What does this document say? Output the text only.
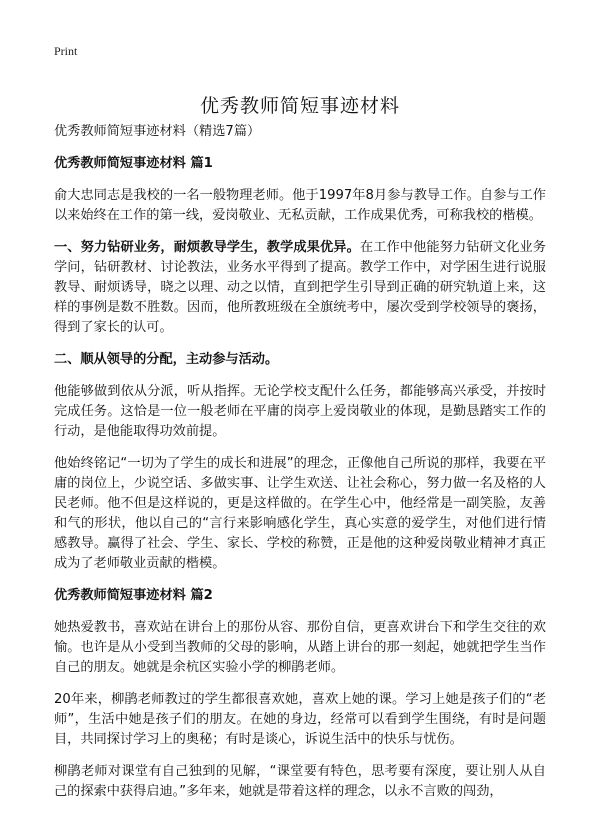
Print
优秀教师简短事迹材料

优秀教师简短事迹材料（精选7篇）

优秀教师简短事迹材料 篇1

俞大忠同志是我校的一名一般物理老师。他于1997年8月参与教导工作。自参与工作以来始终在工作的第一线，爱岗敬业、无私贡献，工作成果优秀，可称我校的楷模。

一、努力钻研业务，耐烦教导学生，教学成果优异。在工作中他能努力钻研文化业务学问，钻研教材、讨论教法，业务水平得到了提高。教学工作中，对学困生进行说服教导、耐烦诱导，晓之以理、动之以情，直到把学生引导到正确的研究轨道上来，这样的事例是数不胜数。因而，他所教班级在全旗统考中，屡次受到学校领导的褒扬，得到了家长的认可。

二、顺从领导的分配，主动参与活动。

他能够做到依从分派，听从指挥。无论学校支配什么任务，都能够高兴承受，并按时完成任务。这恰是一位一般老师在平庸的岗亭上爱岗敬业的体现，是勤恳踏实工作的行动，是他能取得功效前提。

他始终铭记“一切为了学生的成长和进展”的理念，正像他自己所说的那样，我要在平庸的岗位上，少说空话、多做实事、让学生欢送、让社会称心，努力做一名及格的人民老师。他不但是这样说的，更是这样做的。在学生心中，他经常是一副笑脸，友善和气的形状，他以自己的“言行来影响感化学生，真心实意的爱学生，对他们进行情感教导。赢得了社会、学生、家长、学校的称赞，正是他的这种爱岗敬业精神才真正成为了老师敬业贡献的楷模。

优秀教师简短事迹材料 篇2

她热爱教书，喜欢站在讲台上的那份从容、那份自信，更喜欢讲台下和学生交往的欢愉。也许是从小受到当教师的父母的影响，从踏上讲台的那一刻起，她就把学生当作自己的朋友。她就是余杭区实验小学的柳鹃老师。

20年来，柳鹃老师教过的学生都很喜欢她，喜欢上她的课。学习上她是孩子们的“老师”，生活中她是孩子们的朋友。在她的身边，经常可以看到学生围绕，有时是问题目，共同探讨学习上的奥秘；有时是谈心，诉说生活中的快乐与忧伤。

柳鹃老师对课堂有自己独到的见解，“课堂要有特色，思考要有深度，要让别人从自己的探索中获得启迪。”多年来，她就是带着这样的理念，以永不言败的闯劲，
